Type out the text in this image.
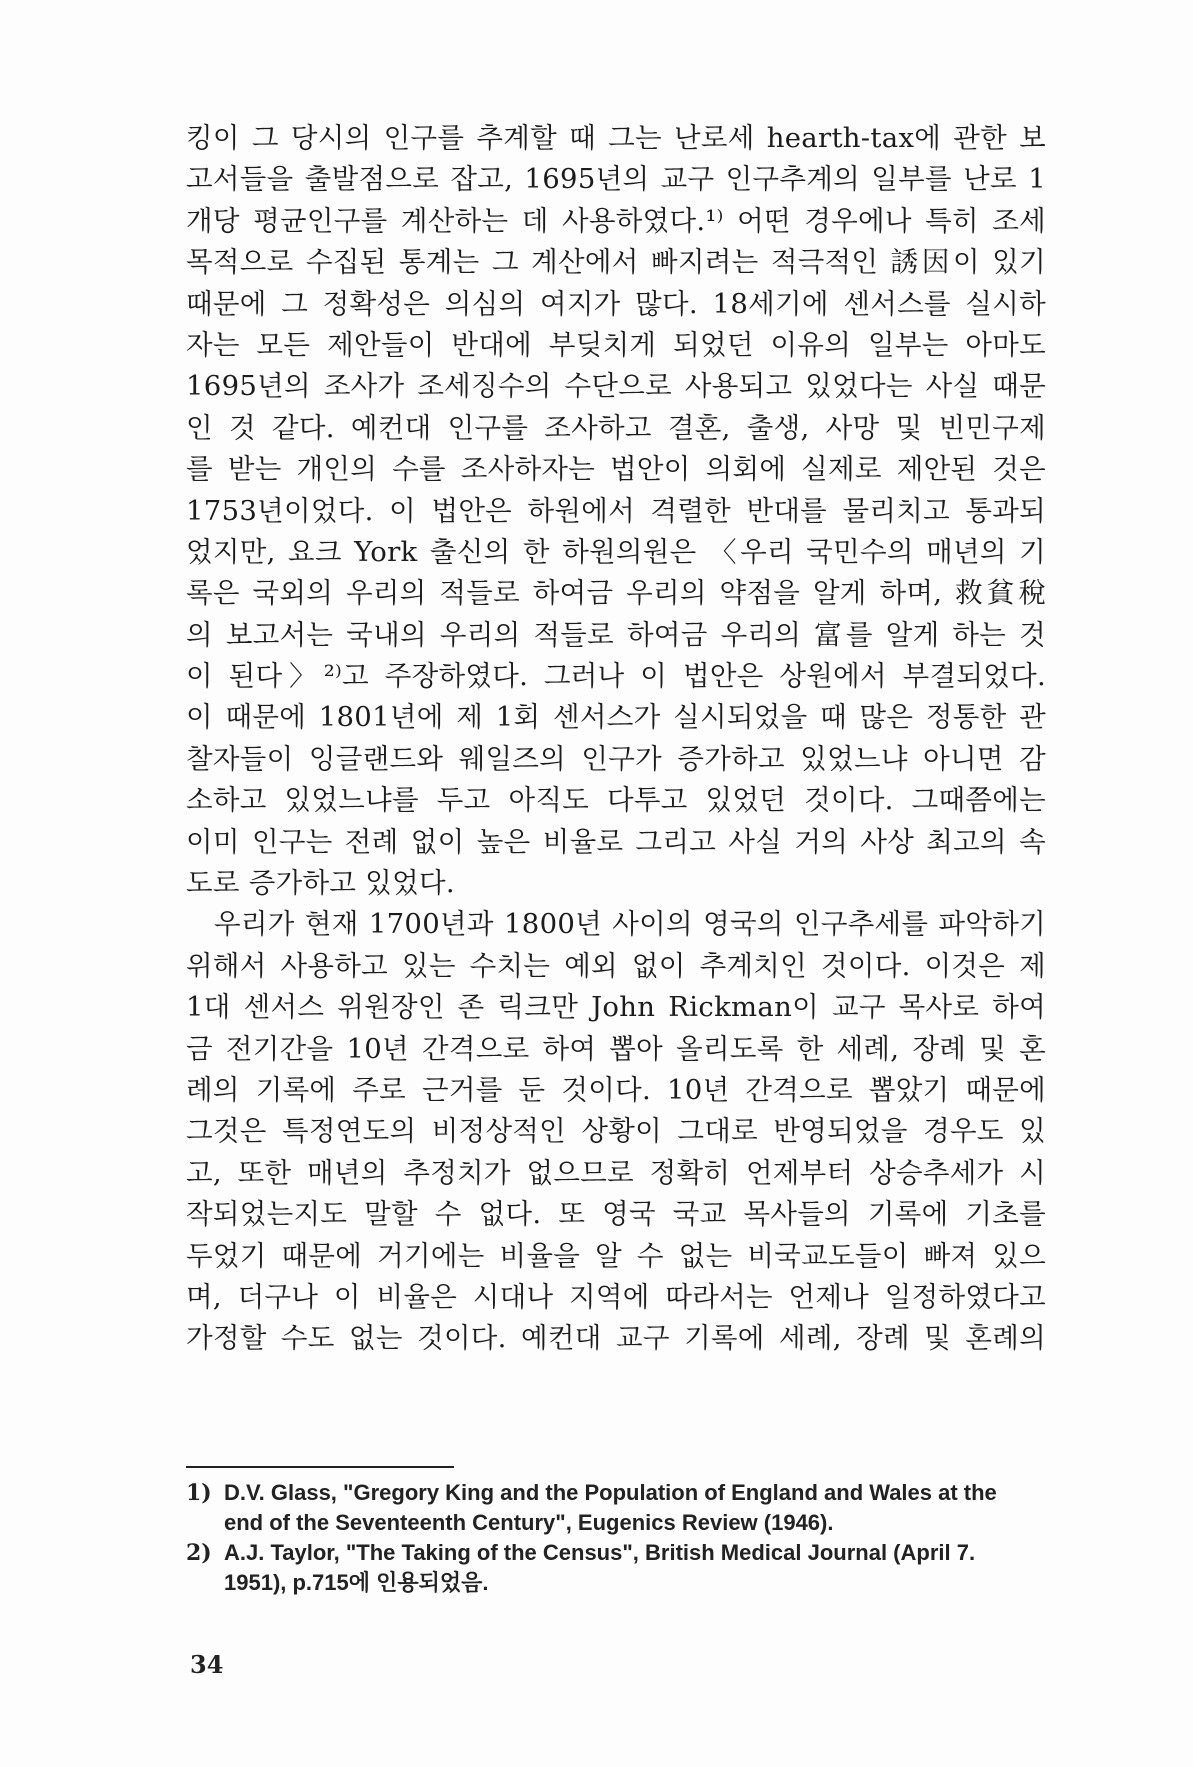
킹이 그 당시의 인구를 추계할 때 그는 난로세 hearth-tax에 관한 보
고서들을 출발점으로 잡고, 1695년의 교구 인구추계의 일부를 난로 1
개당 평균인구를 계산하는 데 사용하였다.¹⁾ 어떤 경우에나 특히 조세
목적으로 수집된 통계는 그 계산에서 빠지려는 적극적인 誘因이 있기
때문에 그 정확성은 의심의 여지가 많다. 18세기에 센서스를 실시하
자는 모든 제안들이 반대에 부딪치게 되었던 이유의 일부는 아마도
1695년의 조사가 조세징수의 수단으로 사용되고 있었다는 사실 때문
인 것 같다. 예컨대 인구를 조사하고 결혼, 출생, 사망 및 빈민구제
를 받는 개인의 수를 조사하자는 법안이 의회에 실제로 제안된 것은
1753년이었다. 이 법안은 하원에서 격렬한 반대를 물리치고 통과되
었지만, 요크 York 출신의 한 하원의원은 〈우리 국민수의 매년의 기
록은 국외의 우리의 적들로 하여금 우리의 약점을 알게 하며, 救貧稅
의 보고서는 국내의 우리의 적들로 하여금 우리의 富를 알게 하는 것
이 된다〉²⁾고 주장하였다. 그러나 이 법안은 상원에서 부결되었다.
이 때문에 1801년에 제 1회 센서스가 실시되었을 때 많은 정통한 관
찰자들이 잉글랜드와 웨일즈의 인구가 증가하고 있었느냐 아니면 감
소하고 있었느냐를 두고 아직도 다투고 있었던 것이다. 그때쯤에는
이미 인구는 전례 없이 높은 비율로 그리고 사실 거의 사상 최고의 속
도로 증가하고 있었다.
우리가 현재 1700년과 1800년 사이의 영국의 인구추세를 파악하기
위해서 사용하고 있는 수치는 예외 없이 추계치인 것이다. 이것은 제
1대 센서스 위원장인 존 릭크만 John Rickman이 교구 목사로 하여
금 전기간을 10년 간격으로 하여 뽑아 올리도록 한 세례, 장례 및 혼
례의 기록에 주로 근거를 둔 것이다. 10년 간격으로 뽑았기 때문에
그것은 특정연도의 비정상적인 상황이 그대로 반영되었을 경우도 있
고, 또한 매년의 추정치가 없으므로 정확히 언제부터 상승추세가 시
작되었는지도 말할 수 없다. 또 영국 국교 목사들의 기록에 기초를
두었기 때문에 거기에는 비율을 알 수 없는 비국교도들이 빠져 있으
며, 더구나 이 비율은 시대나 지역에 따라서는 언제나 일정하였다고
가정할 수도 없는 것이다. 예컨대 교구 기록에 세례, 장례 및 혼례의
1) D.V. Glass, "Gregory King and the Population of England and Wales at the
end of the Seventeenth Century", Eugenics Review (1946).
2) A.J. Taylor, "The Taking of the Census", British Medical Journal (April 7.
1951), p.715에 인용되었음.
34
